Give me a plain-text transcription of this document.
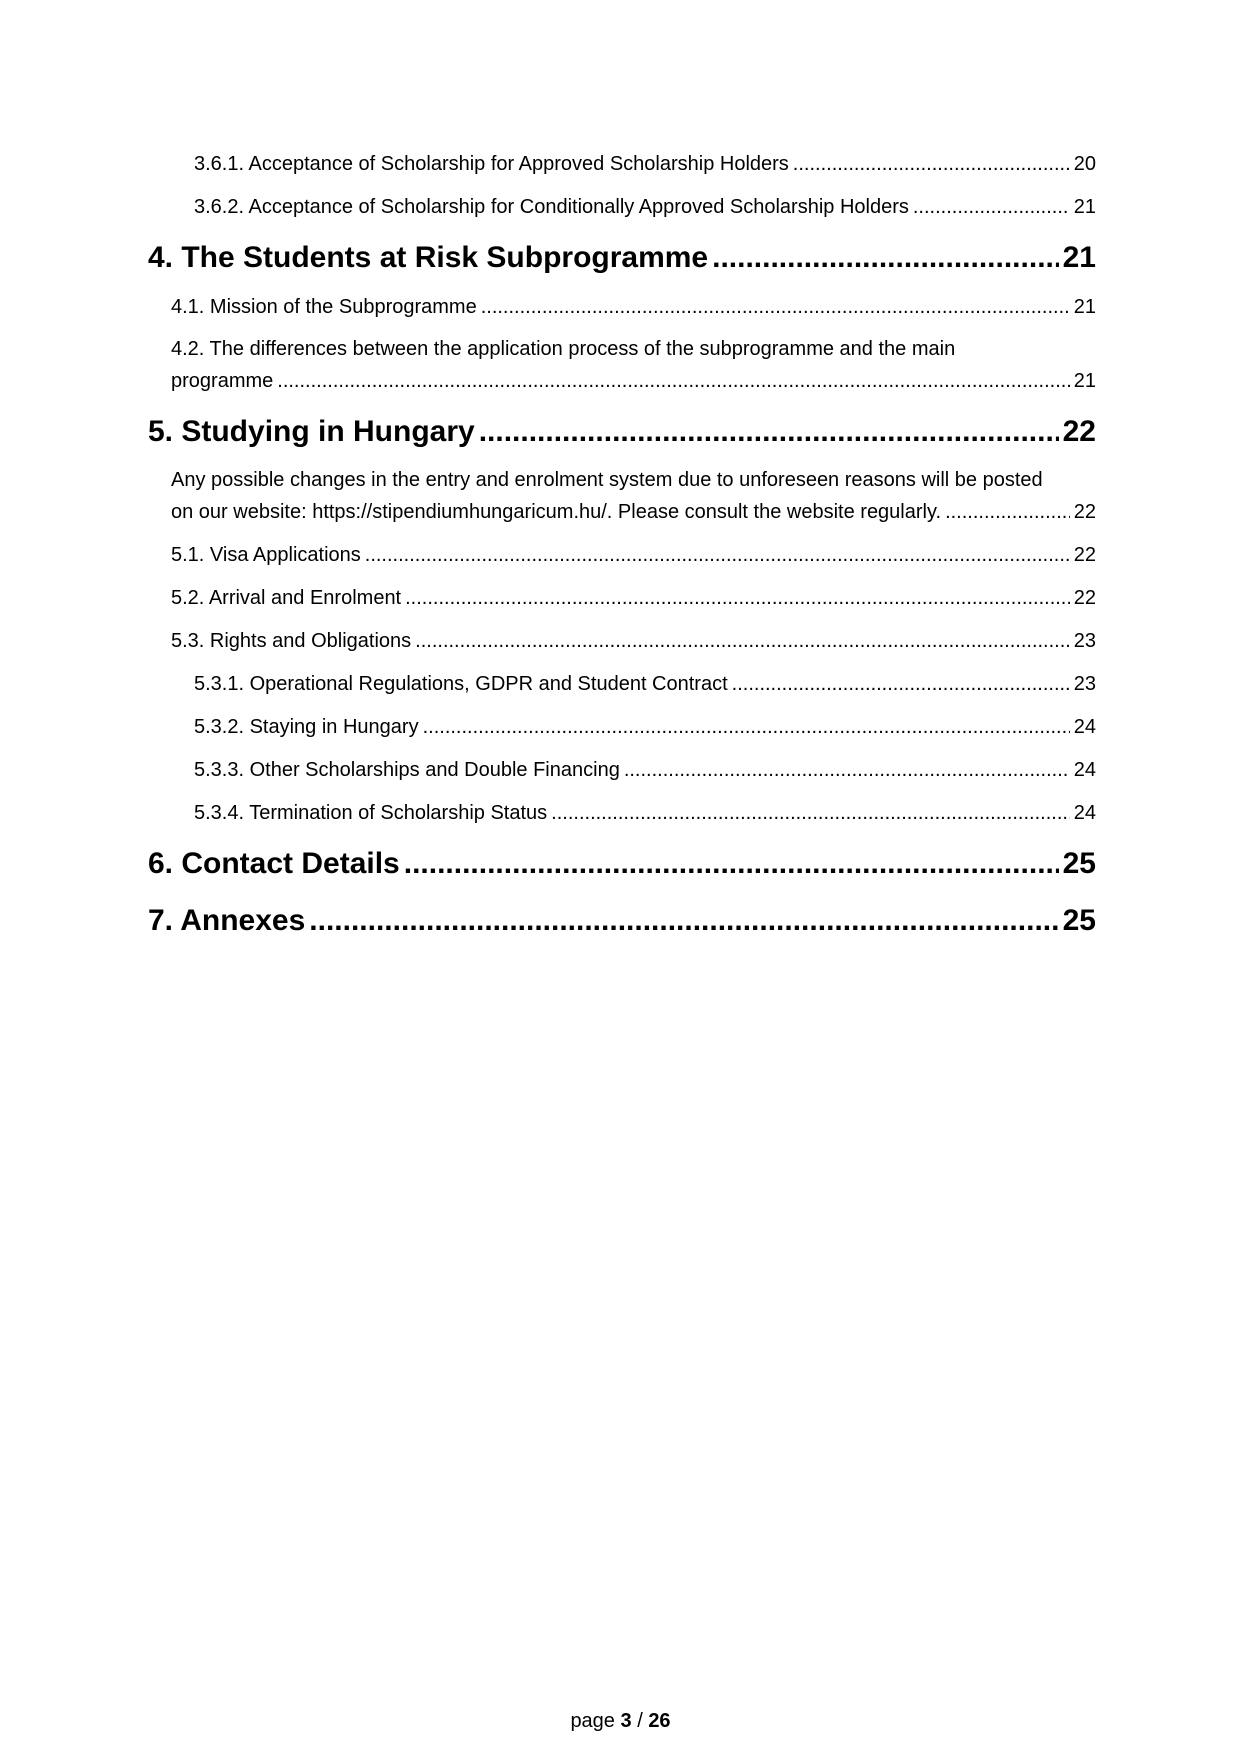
3.6.1. Acceptance of Scholarship for Approved Scholarship Holders .....	20
3.6.2. Acceptance of Scholarship for Conditionally Approved Scholarship Holders .....	21
4. The Students at Risk Subprogramme .....	21
4.1. Mission of the Subprogramme .....	21
4.2. The differences between the application process of the subprogramme and the main
programme .....	21
5. Studying in Hungary .....	22
Any possible changes in the entry and enrolment system due to unforeseen reasons will be posted
on our website: https://stipendiumhungaricum.hu/. Please consult the website regularly. .....	22
5.1. Visa Applications .....	22
5.2. Arrival and Enrolment .....	22
5.3. Rights and Obligations .....	23
5.3.1. Operational Regulations, GDPR and Student Contract .....	23
5.3.2. Staying in Hungary .....	24
5.3.3. Other Scholarships and Double Financing .....	24
5.3.4. Termination of Scholarship Status .....	24
6. Contact Details .....	25
7. Annexes .....	25
page 3 / 26
